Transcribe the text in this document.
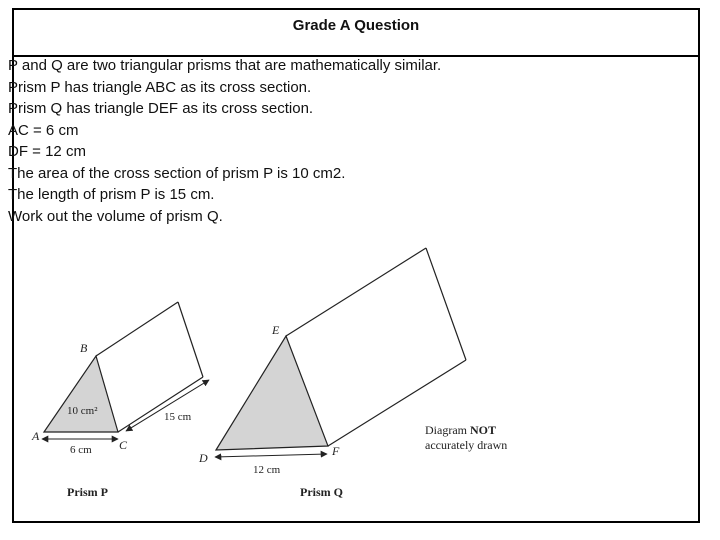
Grade A Question
P and Q are two triangular prisms that are mathematically similar.
Prism P has triangle ABC as its cross section.
Prism Q has triangle DEF as its cross section.
AC = 6 cm
DF = 12 cm
The area of the cross section of prism P is 10 cm2.
The length of prism P is 15 cm.
Work out the volume of prism Q.
A
B
C
10 cm²	15 cm
6 cm
Prism P
D
E
F
12 cm
Prism Q
Diagram NOT
accurately drawn
